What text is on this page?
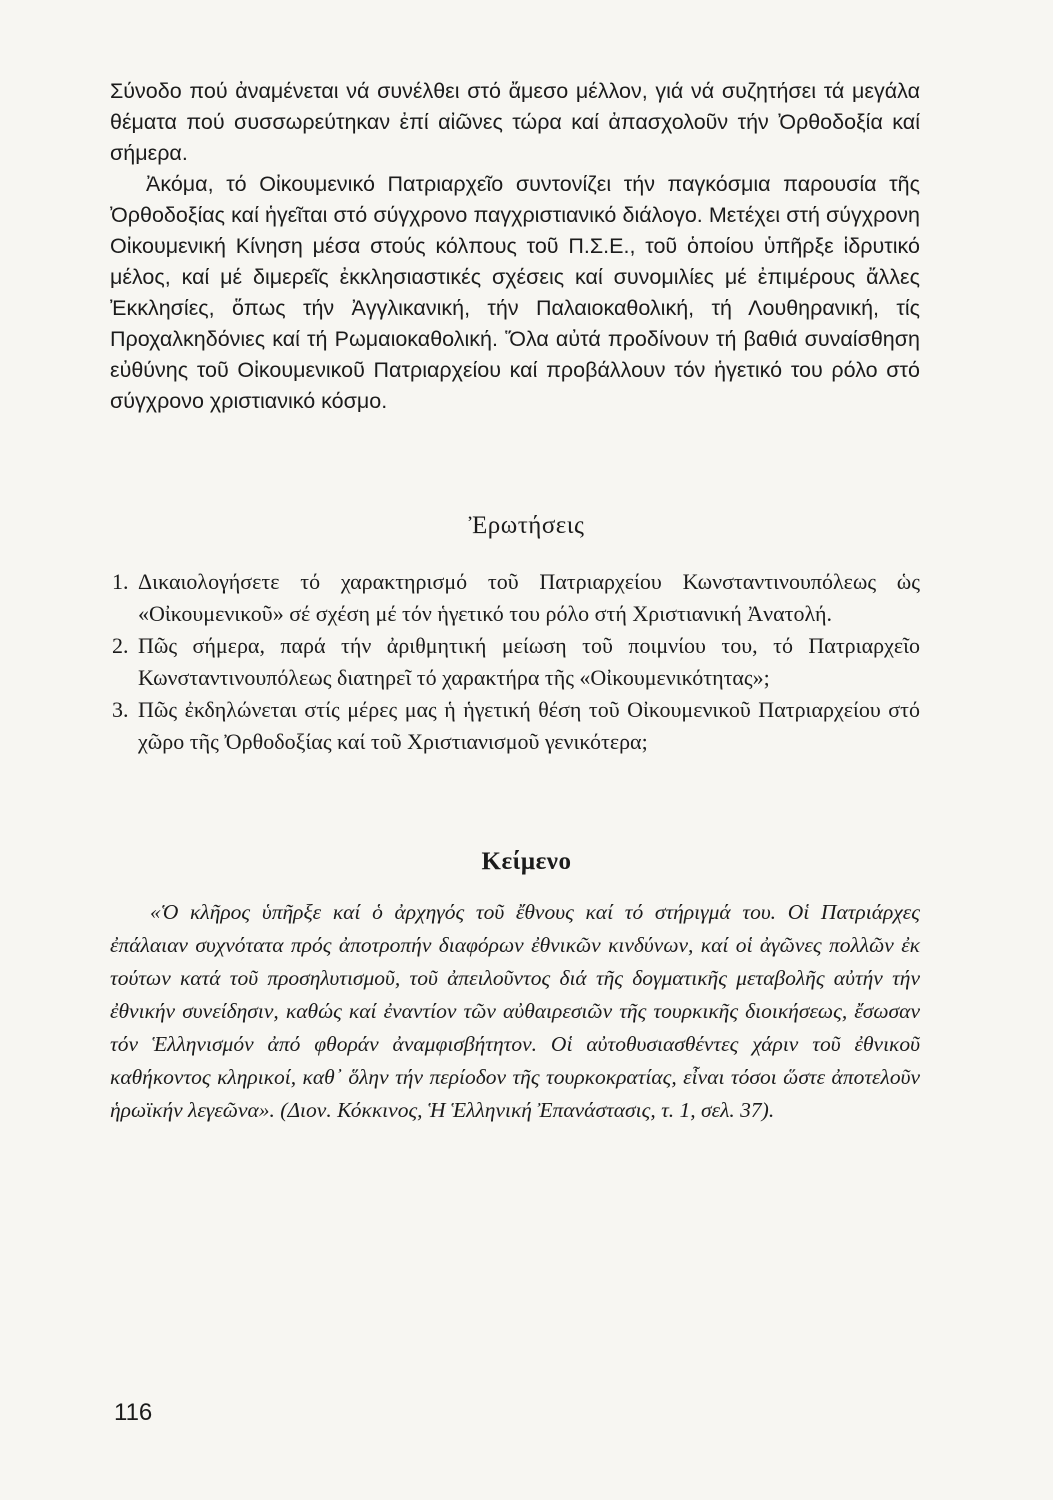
Σύνοδο πού ἀναμένεται νά συνέλθει στό ἄμεσο μέλλον, γιά νά συζητήσει τά μεγάλα θέματα πού συσσωρεύτηκαν ἐπί αἰῶνες τώρα καί ἀπασχολοῦν τήν Ὀρθοδοξία καί σήμερα.

Ἀκόμα, τό Οἰκουμενικό Πατριαρχεῖο συντονίζει τήν παγκόσμια παρουσία τῆς Ὀρθοδοξίας καί ἡγεῖται στό σύγχρονο παγχριστιανικό διάλογο. Μετέχει στή σύγχρονη Οἰκουμενική Κίνηση μέσα στούς κόλπους τοῦ Π.Σ.Ε., τοῦ ὁποίου ὑπῆρξε ἱδρυτικό μέλος, καί μέ διμερεῖς ἐκκλησιαστικές σχέσεις καί συνομιλίες μέ ἐπιμέρους ἄλλες Ἐκκλησίες, ὅπως τήν Ἀγγλικανική, τήν Παλαιοκαθολική, τή Λουθηρανική, τίς Προχαλκηδόνιες καί τή Ρωμαιοκαθολική. Ὅλα αὐτά προδίνουν τή βαθιά συναίσθηση εὐθύνης τοῦ Οἰκουμενικοῦ Πατριαρχείου καί προβάλλουν τόν ἡγετικό του ρόλο στό σύγχρονο χριστιανικό κόσμο.

Ἐρωτήσεις
1. Δικαιολογήσετε τό χαρακτηρισμό τοῦ Πατριαρχείου Κωνσταντινουπόλεως ὡς «Οἰκουμενικοῦ» σέ σχέση μέ τόν ἡγετικό του ρόλο στή Χριστιανική Ἀνατολή.
2. Πῶς σήμερα, παρά τήν ἀριθμητική μείωση τοῦ ποιμνίου του, τό Πατριαρχεῖο Κωνσταντινουπόλεως διατηρεῖ τό χαρακτήρα τῆς «Οἰκουμενικότητας»;
3. Πῶς ἐκδηλώνεται στίς μέρες μας ἡ ἡγετική θέση τοῦ Οἰκουμενικοῦ Πατριαρχείου στό χῶρο τῆς Ὀρθοδοξίας καί τοῦ Χριστιανισμοῦ γενικότερα;
Κείμενο
«Ὁ κλῆρος ὑπῆρξε καί ὁ ἀρχηγός τοῦ ἔθνους καί τό στήριγμά του. Οἱ Πατριάρχες ἐπάλαιαν συχνότατα πρός ἀποτροπήν διαφόρων ἐθνικῶν κινδύνων, καί οἱ ἀγῶνες πολλῶν ἐκ τούτων κατά τοῦ προσηλυτισμοῦ, τοῦ ἀπειλοῦντος διά τῆς δογματικῆς μεταβολῆς αὐτήν τήν ἐθνικήν συνείδησιν, καθώς καί ἐναντίον τῶν αὐθαιρεσιῶν τῆς τουρκικῆς διοικήσεως, ἔσωσαν τόν Ἑλληνισμόν ἀπό φθοράν ἀναμφισβήτητον. Οἱ αὐτοθυσιασθέντες χάριν τοῦ ἐθνικοῦ καθήκοντος κληρικοί, καθ᾽ ὅλην τήν περίοδον τῆς τουρκοκρατίας, εἶναι τόσοι ὥστε ἀποτελοῦν ἡρωϊκήν λεγεῶνα». (Διον. Κόκκινος, Ἡ Ἑλληνική Ἐπανάστασις, τ. 1, σελ. 37).
116
